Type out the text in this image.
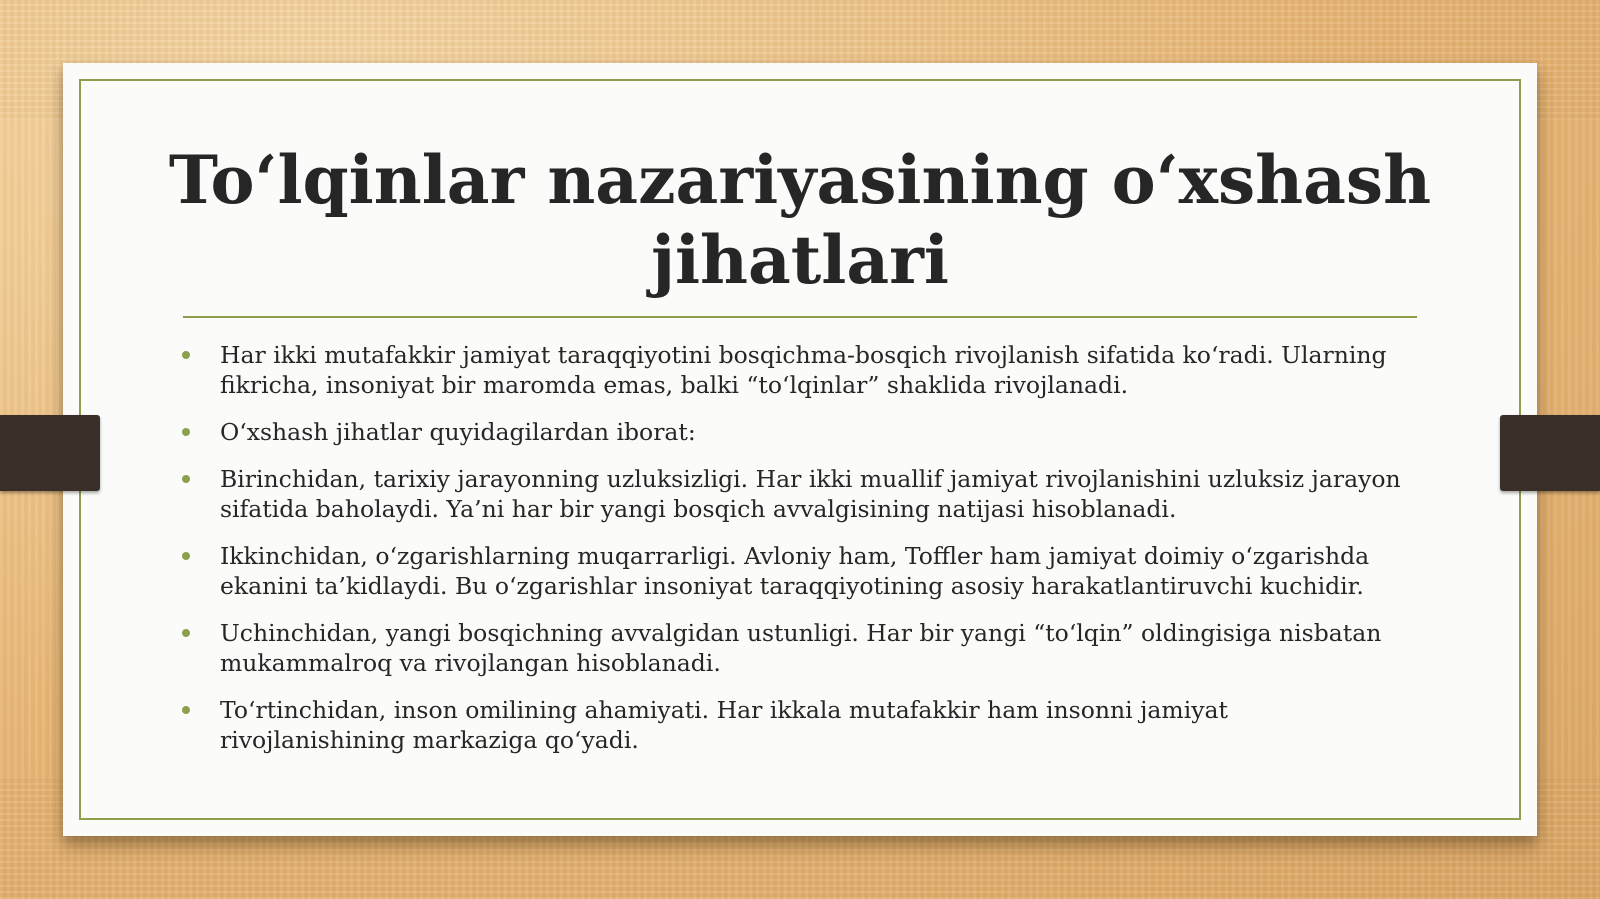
To‘lqinlar nazariyasining o‘xshash jihatlari
Har ikki mutafakkir jamiyat taraqqiyotini bosqichma-bosqich rivojlanish sifatida ko‘radi. Ularning fikricha, insoniyat bir maromda emas, balki “to‘lqinlar” shaklida rivojlanadi.
O‘xshash jihatlar quyidagilardan iborat:
Birinchidan, tarixiy jarayonning uzluksizligi. Har ikki muallif jamiyat rivojlanishini uzluksiz jarayon sifatida baholaydi. Ya’ni har bir yangi bosqich avvalgisining natijasi hisoblanadi.
Ikkinchidan, o‘zgarishlarning muqarrarligi. Avloniy ham, Toffler ham jamiyat doimiy o‘zgarishda ekanini ta’kidlaydi. Bu o‘zgarishlar insoniyat taraqqiyotining asosiy harakatlantiruvchi kuchidir.
Uchinchidan, yangi bosqichning avvalgidan ustunligi. Har bir yangi “to‘lqin” oldingisiga nisbatan mukammalroq va rivojlangan hisoblanadi.
To‘rtinchidan, inson omilining ahamiyati. Har ikkala mutafakkir ham insonni jamiyat rivojlanishining markaziga qo‘yadi.
